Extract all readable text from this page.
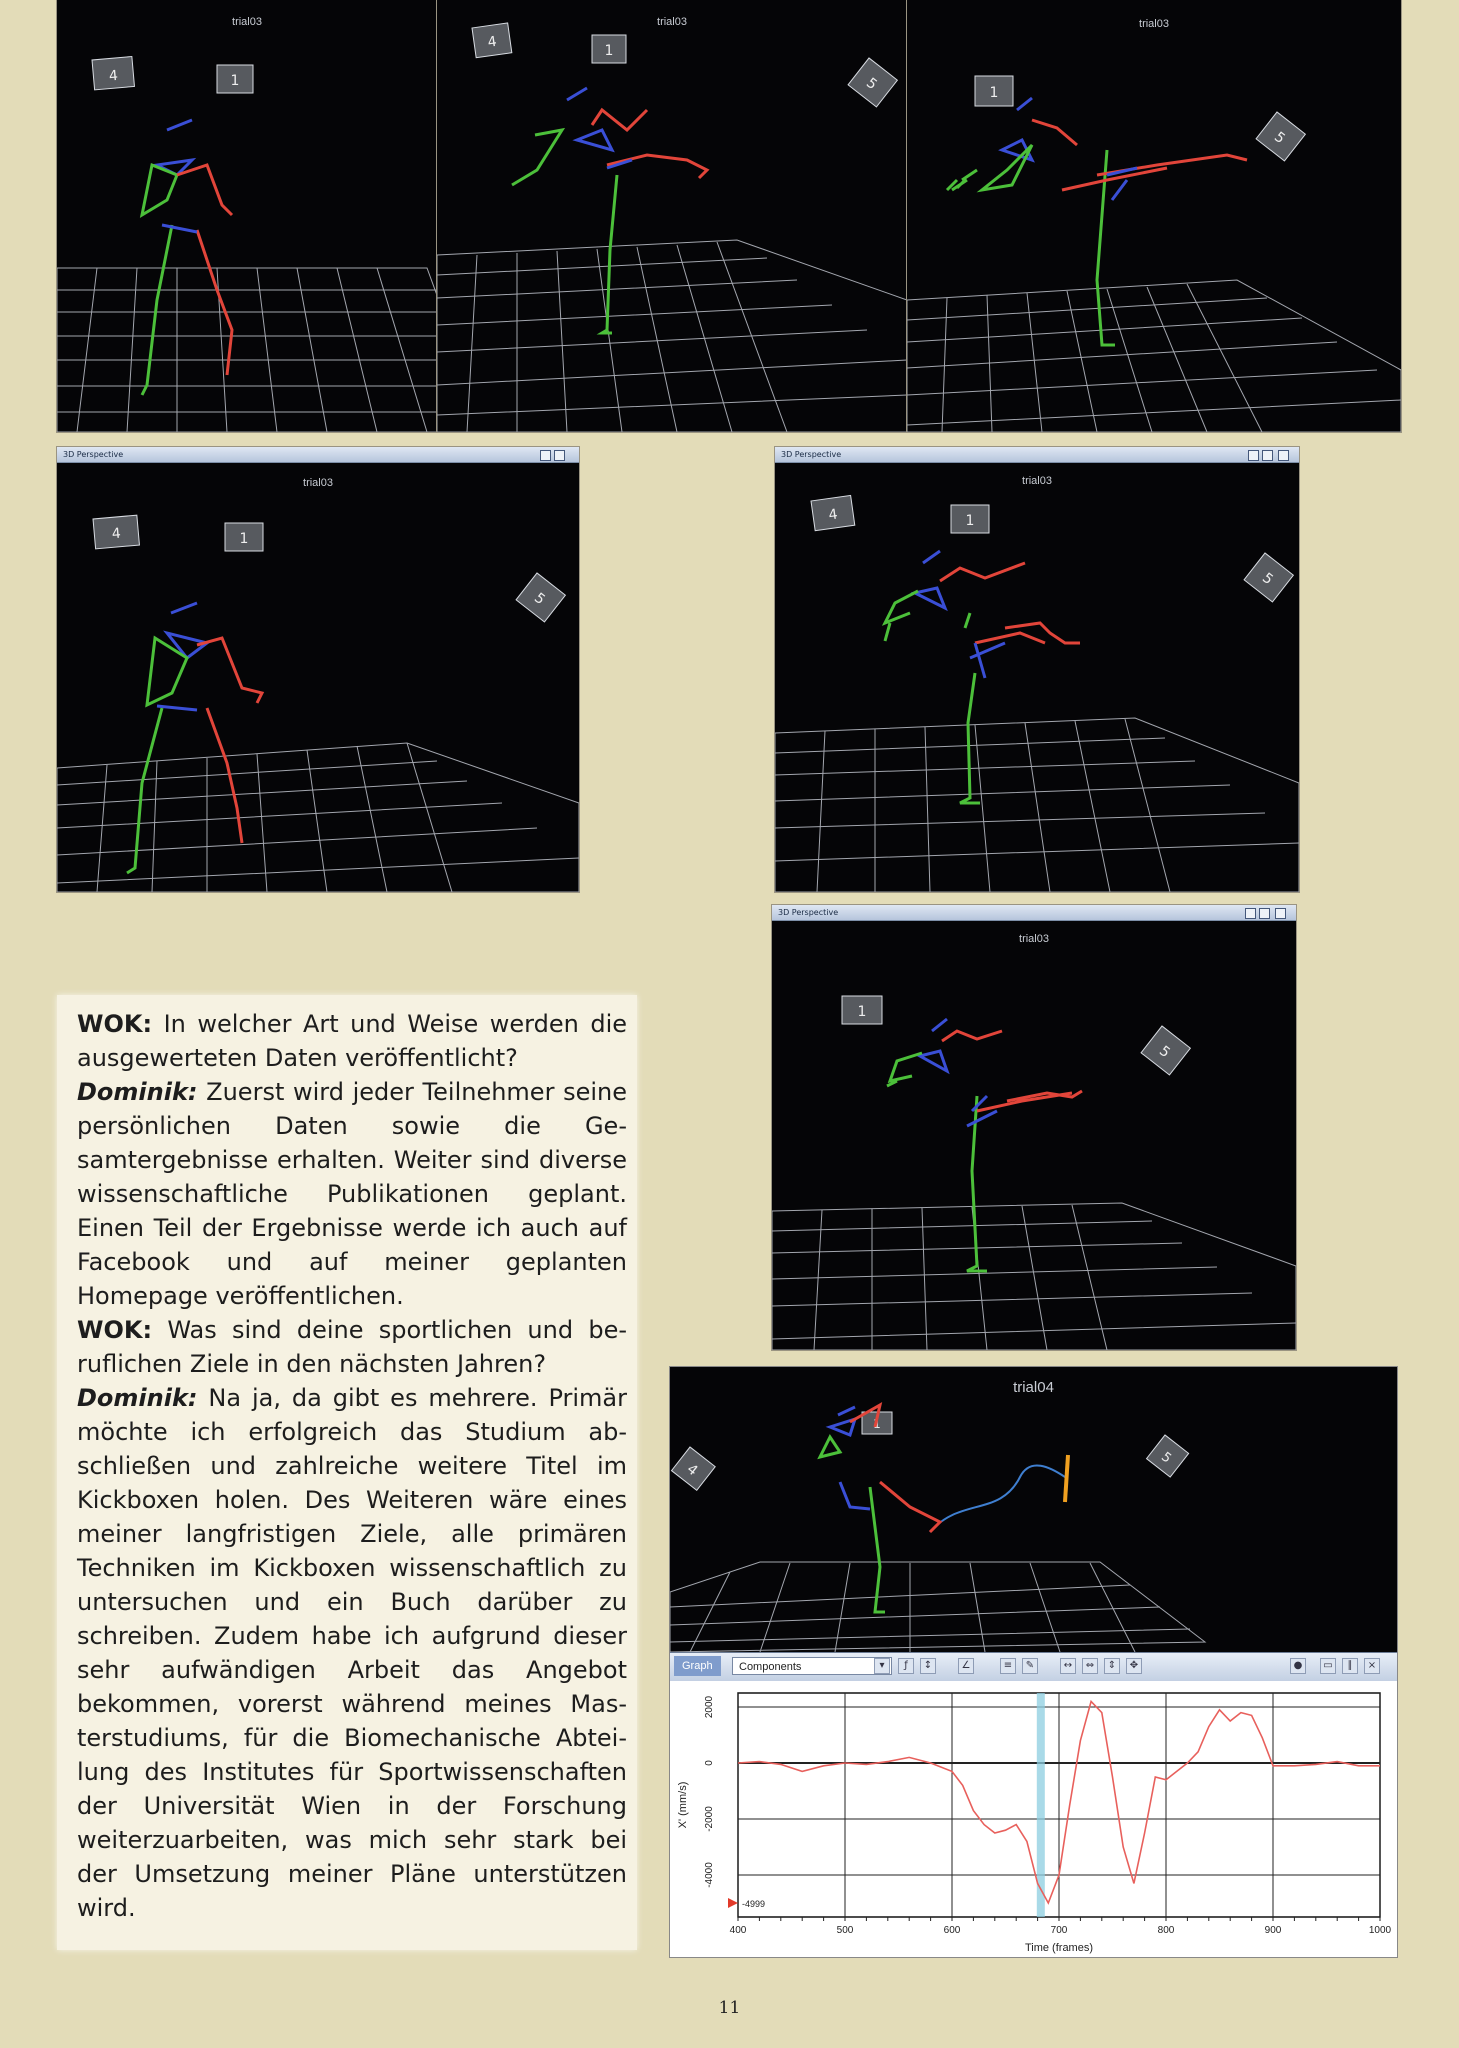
trial03
4	1
trial03
4
1
5
trial03
1
5
3D Perspective
trial03
4	1
5
3D Perspective
trial03
4	1
5
3D Perspective
trial03
1
5
trial04
4
1
5
Graph	Components	▾	ƒ	↕	∠	≡	✎	↔	⇔	⇕	✥	●	▭	∥	×
400	500	600	700	800	900	1000
2000
0
-2000
-4000
-4999
Time (frames)
X' (mm/s)

WOK: In welcher Art und Weise werden die ausgewerteten Daten veröffentlicht?

Dominik: Zuerst wird jeder Teilnehmer seine persönlichen Daten sowie die Gesamtergebnisse erhalten. Weiter sind diverse wissenschaftliche Publikationen geplant. Einen Teil der Ergebnisse werde ich auch auf Facebook und auf meiner geplanten Homepage veröffentlichen.

WOK: Was sind deine sportlichen und beruflichen Ziele in den nächsten Jahren?

Dominik: Na ja, da gibt es mehrere. Primär möchte ich erfolgreich das Studium abschließen und zahlreiche weitere Titel im Kickboxen holen. Des Weiteren wäre eines meiner langfristigen Ziele, alle primären Techniken im Kickboxen wissenschaftlich zu untersuchen und ein Buch darüber zu schreiben. Zudem habe ich aufgrund dieser sehr aufwändigen Arbeit das Angebot bekommen, vorerst während meines Masterstudiums, für die Biomechanische Abteilung des Institutes für Sportwissenschaften der Universität Wien in der Forschung weiterzuarbeiten, was mich sehr stark bei der Umsetzung meiner Pläne unterstützen wird.

11
